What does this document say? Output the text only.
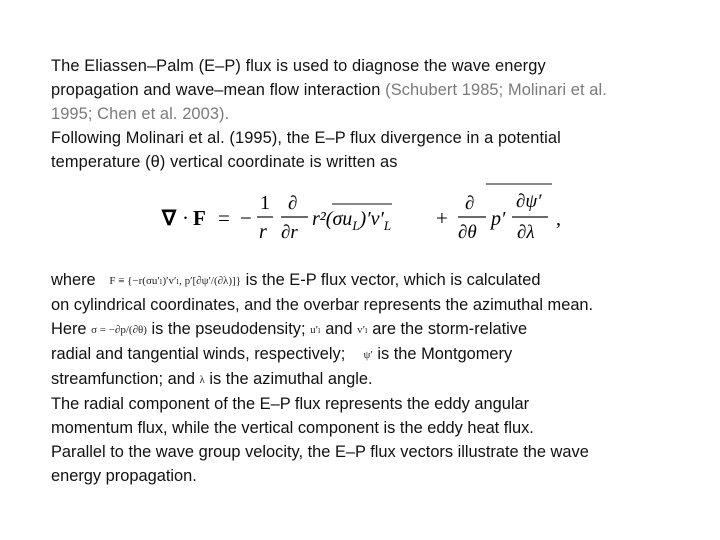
The Eliassen–Palm (E–P) flux is used to diagnose the wave energy

propagation and wave–mean flow interaction (Schubert 1985; Molinari et al.

1995; Chen et al. 2003).

Following Molinari et al. (1995), the E–P flux divergence in a potential

temperature (θ) vertical coordinate is written as

∇ · F = −
1
r
∂
∂r
$r^2(\sigma u_L)'v'_L$ +
∂
∂θ
p′
∂ψ′
∂λ
,

where F ≡ {−r(σu′ₗ)′v′ₗ, p′[∂ψ′/(∂λ)]} is the E-P flux vector, which is calculated

on cylindrical coordinates, and the overbar represents the azimuthal mean.

Here σ = −∂p/(∂θ) is the pseudodensity; u′ₗ and v′ₗ are the storm-relative

radial and tangential winds, respectively;    ψ′ is the Montgomery

streamfunction; and λ is the azimuthal angle.

The radial component of the E–P flux represents the eddy angular

momentum flux, while the vertical component is the eddy heat flux.

Parallel to the wave group velocity, the E–P flux vectors illustrate the wave

energy propagation.
